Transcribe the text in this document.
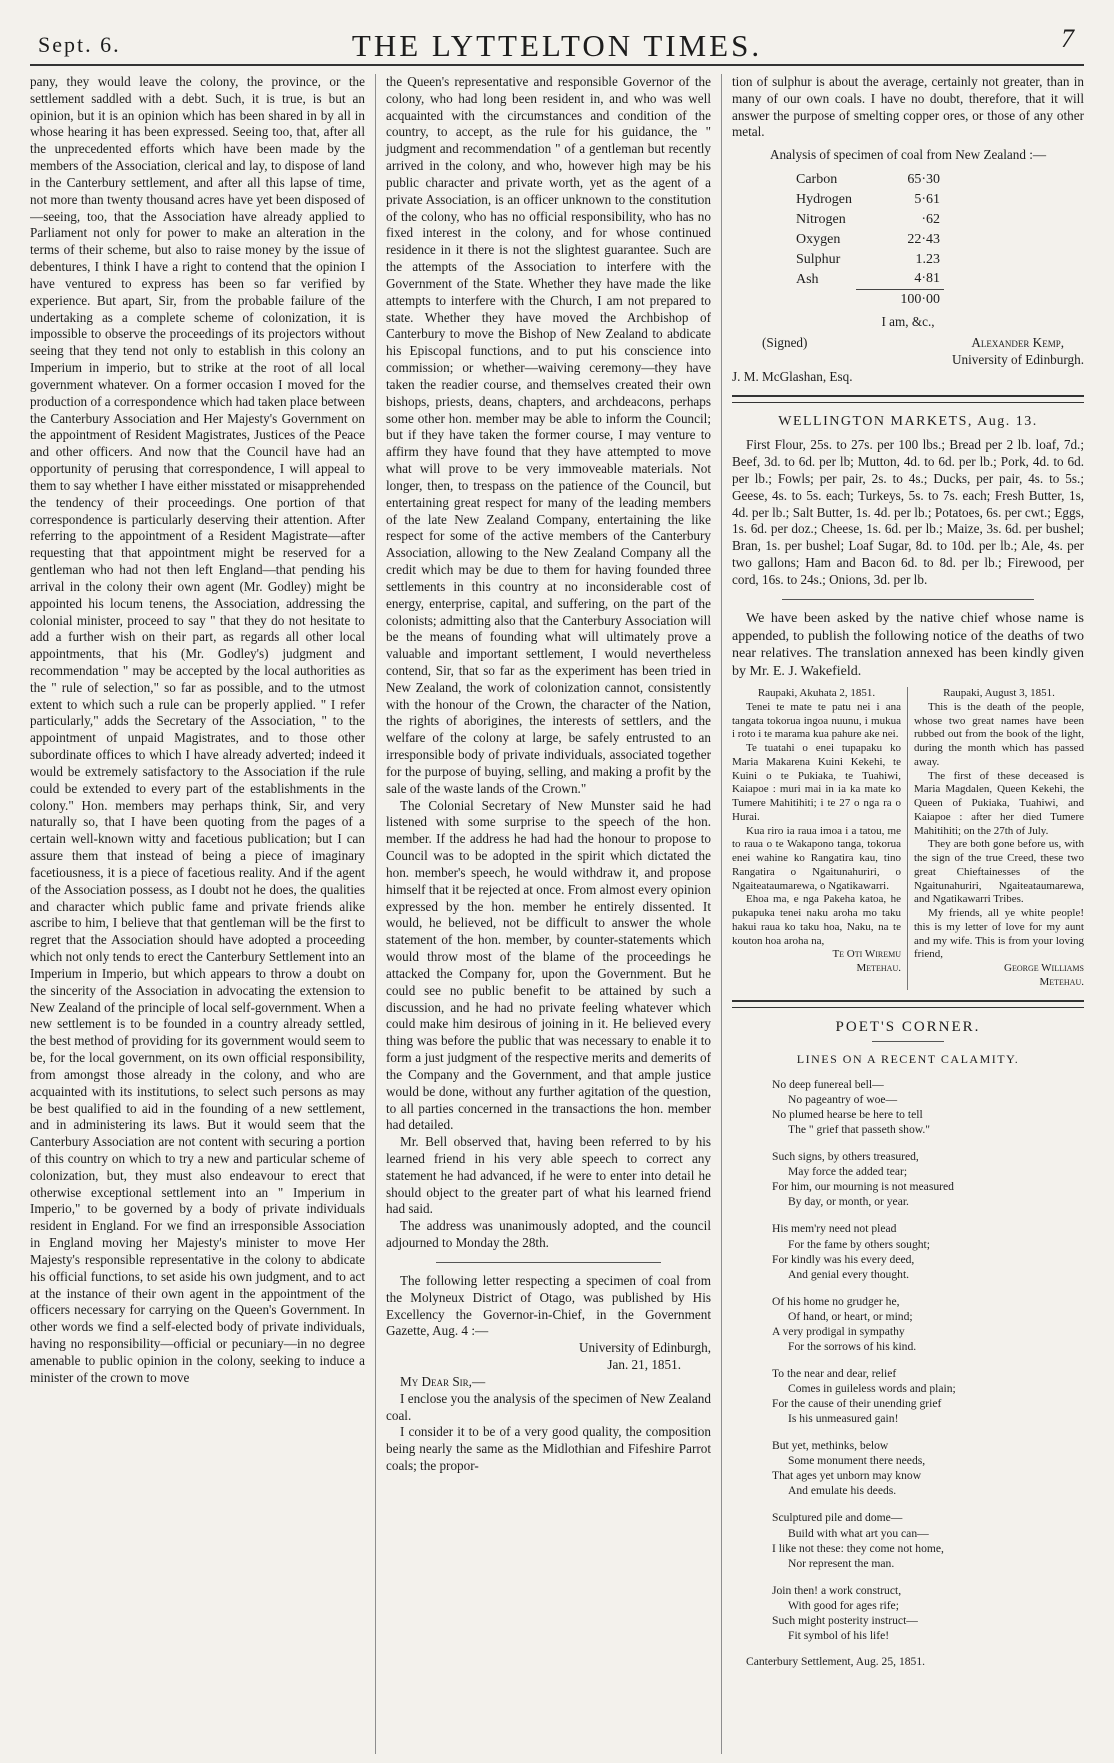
Sept. 6.	THE LYTTELTON TIMES.	7

pany, they would leave the colony, the province, or the settlement saddled with a debt. Such, it is true, is but an opinion, but it is an opinion which has been shared in by all in whose hearing it has been expressed. Seeing too, that, after all the unprecedented efforts which have been made by the members of the Association, clerical and lay, to dispose of land in the Canterbury settlement, and after all this lapse of time, not more than twenty thousand acres have yet been disposed of—seeing, too, that the Association have already applied to Parliament not only for power to make an alteration in the terms of their scheme, but also to raise money by the issue of debentures, I think I have a right to contend that the opinion I have ventured to express has been so far verified by experience. But apart, Sir, from the probable failure of the undertaking as a complete scheme of colonization, it is impossible to observe the proceedings of its projectors without seeing that they tend not only to establish in this colony an Imperium in imperio, but to strike at the root of all local government whatever. On a former occasion I moved for the production of a correspondence which had taken place between the Canterbury Association and Her Majesty's Government on the appointment of Resident Magistrates, Justices of the Peace and other officers. And now that the Council have had an opportunity of perusing that correspondence, I will appeal to them to say whether I have either misstated or misapprehended the tendency of their proceedings. One portion of that correspondence is particularly deserving their attention. After referring to the appointment of a Resident Magistrate—after requesting that that appointment might be reserved for a gentleman who had not then left England—that pending his arrival in the colony their own agent (Mr. Godley) might be appointed his locum tenens, the Association, addressing the colonial minister, proceed to say " that they do not hesitate to add a further wish on their part, as regards all other local appointments, that his (Mr. Godley's) judgment and recommendation " may be accepted by the local authorities as the " rule of selection," so far as possible, and to the utmost extent to which such a rule can be properly applied. " I refer particularly," adds the Secretary of the Association, " to the appointment of unpaid Magistrates, and to those other subordinate offices to which I have already adverted; indeed it would be extremely satisfactory to the Association if the rule could be extended to every part of the establishments in the colony." Hon. members may perhaps think, Sir, and very naturally so, that I have been quoting from the pages of a certain well-known witty and facetious publication; but I can assure them that instead of being a piece of imaginary facetiousness, it is a piece of facetious reality. And if the agent of the Association possess, as I doubt not he does, the qualities and character which public fame and private friends alike ascribe to him, I believe that that gentleman will be the first to regret that the Association should have adopted a proceeding which not only tends to erect the Canterbury Settlement into an Imperium in Imperio, but which appears to throw a doubt on the sincerity of the Association in advocating the extension to New Zealand of the principle of local self-government. When a new settlement is to be founded in a country already settled, the best method of providing for its government would seem to be, for the local government, on its own official responsibility, from amongst those already in the colony, and who are acquainted with its institutions, to select such persons as may be best qualified to aid in the founding of a new settlement, and in administering its laws. But it would seem that the Canterbury Association are not content with securing a portion of this country on which to try a new and particular scheme of colonization, but, they must also endeavour to erect that otherwise exceptional settlement into an " Imperium in Imperio," to be governed by a body of private individuals resident in England. For we find an irresponsible Association in England moving her Majesty's minister to move Her Majesty's responsible representative in the colony to abdicate his official functions, to set aside his own judgment, and to act at the instance of their own agent in the appointment of the officers necessary for carrying on the Queen's Government. In other words we find a self-elected body of private individuals, having no responsibility—official or pecuniary—in no degree amenable to public opinion in the colony, seeking to induce a minister of the crown to move

the Queen's representative and responsible Governor of the colony, who had long been resident in, and who was well acquainted with the circumstances and condition of the country, to accept, as the rule for his guidance, the " judgment and recommendation " of a gentleman but recently arrived in the colony, and who, however high may be his public character and private worth, yet as the agent of a private Association, is an officer unknown to the constitution of the colony, who has no official responsibility, who has no fixed interest in the colony, and for whose continued residence in it there is not the slightest guarantee. Such are the attempts of the Association to interfere with the Government of the State. Whether they have made the like attempts to interfere with the Church, I am not prepared to state. Whether they have moved the Archbishop of Canterbury to move the Bishop of New Zealand to abdicate his Episcopal functions, and to put his conscience into commission; or whether—waiving ceremony—they have taken the readier course, and themselves created their own bishops, priests, deans, chapters, and archdeacons, perhaps some other hon. member may be able to inform the Council; but if they have taken the former course, I may venture to affirm they have found that they have attempted to move what will prove to be very immoveable materials. Not longer, then, to trespass on the patience of the Council, but entertaining great respect for many of the leading members of the late New Zealand Company, entertaining the like respect for some of the active members of the Canterbury Association, allowing to the New Zealand Company all the credit which may be due to them for having founded three settlements in this country at no inconsiderable cost of energy, enterprise, capital, and suffering, on the part of the colonists; admitting also that the Canterbury Association will be the means of founding what will ultimately prove a valuable and important settlement, I would nevertheless contend, Sir, that so far as the experiment has been tried in New Zealand, the work of colonization cannot, consistently with the honour of the Crown, the character of the Nation, the rights of aborigines, the interests of settlers, and the welfare of the colony at large, be safely entrusted to an irresponsible body of private individuals, associated together for the purpose of buying, selling, and making a profit by the sale of the waste lands of the Crown."

The Colonial Secretary of New Munster said he had listened with some surprise to the speech of the hon. member. If the address he had had the honour to propose to Council was to be adopted in the spirit which dictated the hon. member's speech, he would withdraw it, and propose himself that it be rejected at once. From almost every opinion expressed by the hon. member he entirely dissented. It would, he believed, not be difficult to answer the whole statement of the hon. member, by counter-statements which would throw most of the blame of the proceedings he attacked the Company for, upon the Government. But he could see no public benefit to be attained by such a discussion, and he had no private feeling whatever which could make him desirous of joining in it. He believed every thing was before the public that was necessary to enable it to form a just judgment of the respective merits and demerits of the Company and the Government, and that ample justice would be done, without any further agitation of the question, to all parties concerned in the transactions the hon. member had detailed.

Mr. Bell observed that, having been referred to by his learned friend in his very able speech to correct any statement he had advanced, if he were to enter into detail he should object to the greater part of what his learned friend had said.

The address was unanimously adopted, and the council adjourned to Monday the 28th.

The following letter respecting a specimen of coal from the Molyneux District of Otago, was published by His Excellency the Governor-in-Chief, in the Government Gazette, Aug. 4 :—

University of Edinburgh,
Jan. 21, 1851.
My Dear Sir,—

I enclose you the analysis of the specimen of New Zealand coal.

I consider it to be of a very good quality, the composition being nearly the same as the Midlothian and Fifeshire Parrot coals; the propor-

tion of sulphur is about the average, certainly not greater, than in many of our own coals. I have no doubt, therefore, that it will answer the purpose of smelting copper ores, or those of any other metal.

Analysis of specimen of coal from New Zealand :—
Carbon	65·30
Hydrogen	5·61
Nitrogen	·62
Oxygen	22·43
Sulphur	1.23
Ash	4·81
	100·00
I am, &c.,
(Signed)	Alexander Kemp,
University of Edinburgh.
J. M. McGlashan, Esq.
WELLINGTON MARKETS, Aug. 13.

First Flour, 25s. to 27s. per 100 lbs.; Bread per 2 lb. loaf, 7d.; Beef, 3d. to 6d. per lb; Mutton, 4d. to 6d. per lb.; Pork, 4d. to 6d. per lb.; Fowls; per pair, 2s. to 4s.; Ducks, per pair, 4s. to 5s.; Geese, 4s. to 5s. each; Turkeys, 5s. to 7s. each; Fresh Butter, 1s, 4d. per lb.; Salt Butter, 1s. 4d. per lb.; Potatoes, 6s. per cwt.; Eggs, 1s. 6d. per doz.; Cheese, 1s. 6d. per lb.; Maize, 3s. 6d. per bushel; Bran, 1s. per bushel; Loaf Sugar, 8d. to 10d. per lb.; Ale, 4s. per two gallons; Ham and Bacon 6d. to 8d. per lb.; Firewood, per cord, 16s. to 24s.; Onions, 3d. per lb.

We have been asked by the native chief whose name is appended, to publish the following notice of the deaths of two near relatives. The translation annexed has been kindly given by Mr. E. J. Wakefield.

Raupaki, Akuhata 2, 1851.

Tenei te mate te patu nei i ana tangata tokorua ingoa nuunu, i mukua i roto i te marama kua pahure ake nei.

Te tuatahi o enei tupapaku ko Maria Makarena Kuini Kekehi, te Kuini o te Pukiaka, te Tuahiwi, Kaiapoe : muri mai in ia ka mate ko Tumere Mahitihiti; i te 27 o nga ra o Hurai.

Kua riro ia raua imoa i a tatou, me to raua o te Wakapono tanga, tokorua enei wahine ko Rangatira kau, tino Rangatira o Ngaitunahuriri, o Ngaiteataumarewa, o Ngatikawarri.

Ehoa ma, e nga Pakeha katoa, he pukapuka tenei naku aroha mo taku hakui raua ko taku hoa, Naku, na te kouton hoa aroha na,

Te Oti Wiremu
Metehau.
Raupaki, August 3, 1851.

This is the death of the people, whose two great names have been rubbed out from the book of the light, during the month which has passed away.

The first of these deceased is Maria Magdalen, Queen Kekehi, the Queen of Pukiaka, Tuahiwi, and Kaiapoe : after her died Tumere Mahitihiti; on the 27th of July.

They are both gone before us, with the sign of the true Creed, these two great Chieftainesses of the Ngaitunahuriri, Ngaiteataumarewa, and Ngatikawarri Tribes.

My friends, all ye white people! this is my letter of love for my aunt and my wife. This is from your loving friend,

George Williams
Metehau.
POET'S CORNER.
LINES ON A RECENT CALAMITY.
No deep funereal bell—
No pageantry of woe—
No plumed hearse be here to tell
The " grief that passeth show."
Such signs, by others treasured,
May force the added tear;
For him, our mourning is not measured
By day, or month, or year.
His mem'ry need not plead
For the fame by others sought;
For kindly was his every deed,
And genial every thought.
Of his home no grudger he,
Of hand, or heart, or mind;
A very prodigal in sympathy
For the sorrows of his kind.
To the near and dear, relief
Comes in guileless words and plain;
For the cause of their unending grief
Is his unmeasured gain!
But yet, methinks, below
Some monument there needs,
That ages yet unborn may know
And emulate his deeds.
Sculptured pile and dome—
Build with what art you can—
I like not these: they come not home,
Nor represent the man.
Join then! a work construct,
With good for ages rife;
Such might posterity instruct—
Fit symbol of his life!
Canterbury Settlement, Aug. 25, 1851.
